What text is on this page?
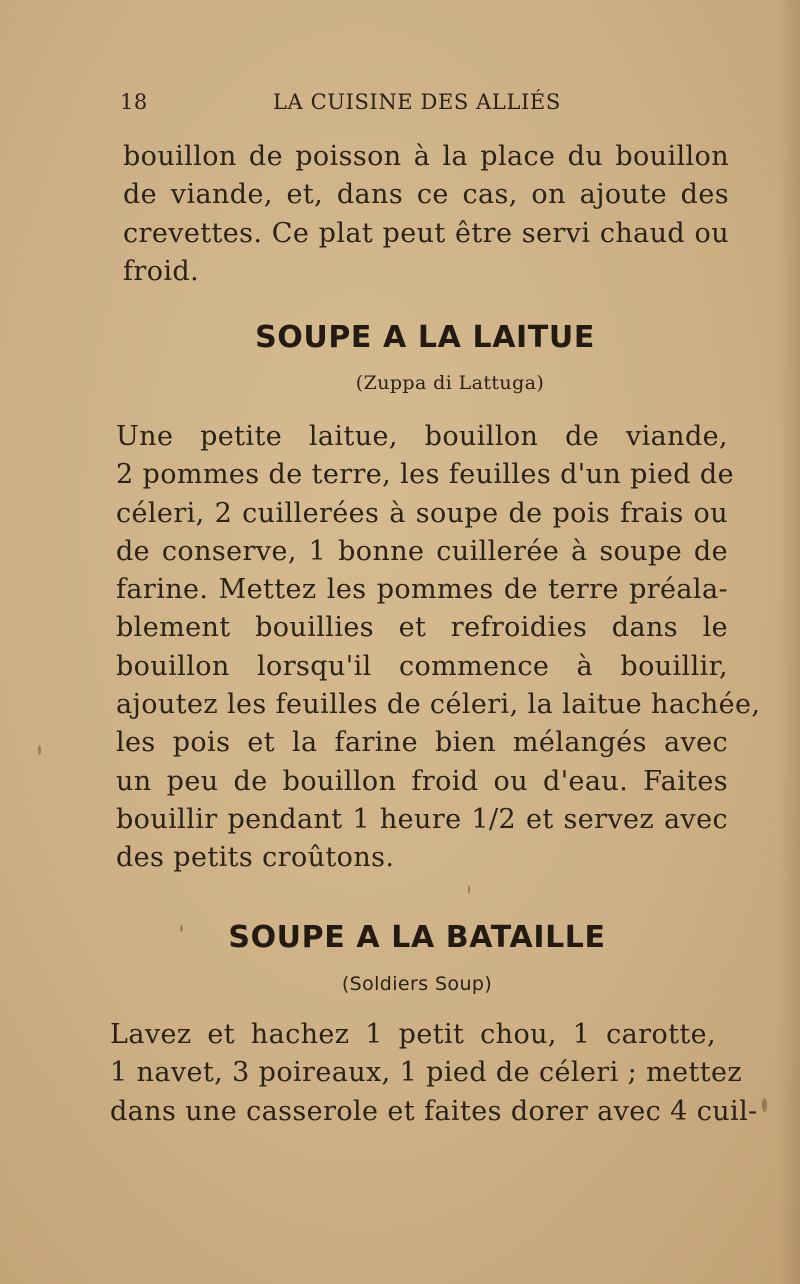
18	LA CUISINE DES ALLIÉS

bouillon de poisson à la place du bouillon
de viande, et, dans ce cas, on ajoute des
crevettes. Ce plat peut être servi chaud ou
froid.

SOUPE A LA LAITUE
(Zuppa di Lattuga)

Une petite laitue, bouillon de viande,
2 pommes de terre, les feuilles d'un pied de
céleri, 2 cuillerées à soupe de pois frais ou
de conserve, 1 bonne cuillerée à soupe de
farine. Mettez les pommes de terre préala-
blement bouillies et refroidies dans le
bouillon lorsqu'il commence à bouillir,
ajoutez les feuilles de céleri, la laitue hachée,
les pois et la farine bien mélangés avec
un peu de bouillon froid ou d'eau. Faites
bouillir pendant 1 heure 1/2 et servez avec
des petits croûtons.

SOUPE A LA BATAILLE
(Soldiers Soup)

Lavez et hachez 1 petit chou, 1 carotte,
1 navet, 3 poireaux, 1 pied de céleri ; mettez
dans une casserole et faites dorer avec 4 cuil-
